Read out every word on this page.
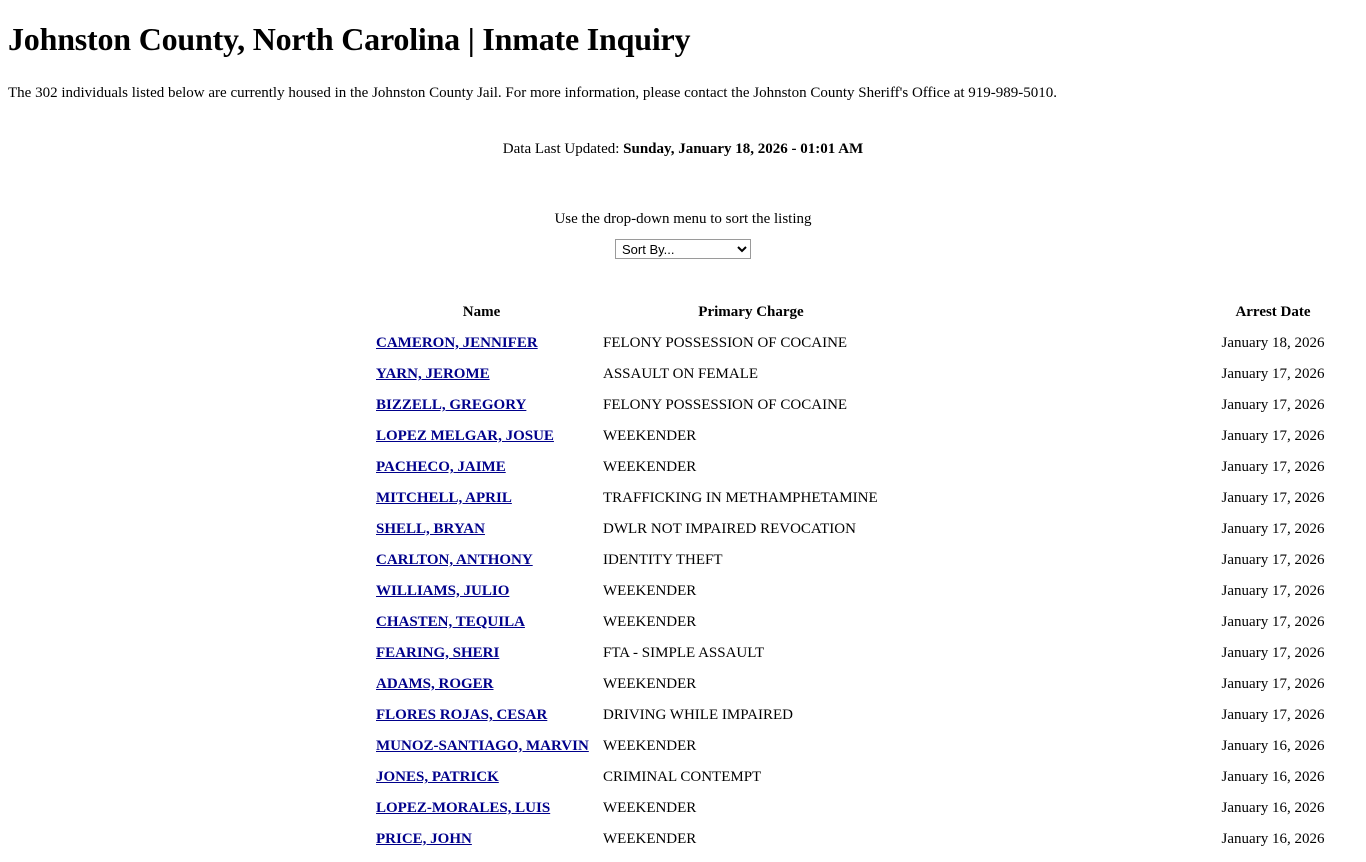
Johnston County, North Carolina | Inmate Inquiry

The 302 individuals listed below are currently housed in the Johnston County Jail. For more information, please contact the Johnston County Sheriff's Office at 919-989-5010.

Data Last Updated: Sunday, January 18, 2026 - 01:01 AM

Use the drop-down menu to sort the listing

Sort By...
	Name		Primary Charge		Arrest Date
	CAMERON, JENNIFER		FELONY POSSESSION OF COCAINE		January 18, 2026
	YARN, JEROME		ASSAULT ON FEMALE		January 17, 2026
	BIZZELL, GREGORY		FELONY POSSESSION OF COCAINE		January 17, 2026
	LOPEZ MELGAR, JOSUE		WEEKENDER		January 17, 2026
	PACHECO, JAIME		WEEKENDER		January 17, 2026
	MITCHELL, APRIL		TRAFFICKING IN METHAMPHETAMINE		January 17, 2026
	SHELL, BRYAN		DWLR NOT IMPAIRED REVOCATION		January 17, 2026
	CARLTON, ANTHONY		IDENTITY THEFT		January 17, 2026
	WILLIAMS, JULIO		WEEKENDER		January 17, 2026
	CHASTEN, TEQUILA		WEEKENDER		January 17, 2026
	FEARING, SHERI		FTA - SIMPLE ASSAULT		January 17, 2026
	ADAMS, ROGER		WEEKENDER		January 17, 2026
	FLORES ROJAS, CESAR		DRIVING WHILE IMPAIRED		January 17, 2026
	MUNOZ-SANTIAGO, MARVIN		WEEKENDER		January 16, 2026
	JONES, PATRICK		CRIMINAL CONTEMPT		January 16, 2026
	LOPEZ-MORALES, LUIS		WEEKENDER		January 16, 2026
	PRICE, JOHN		WEEKENDER		January 16, 2026
